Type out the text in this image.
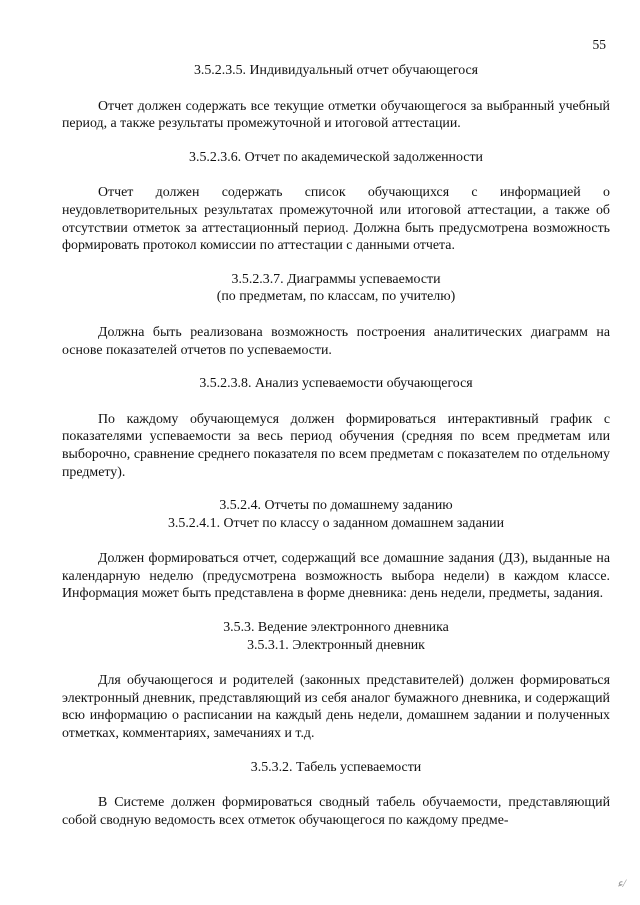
55

3.5.2.3.5. Индивидуальный отчет обучающегося

Отчет должен содержать все текущие отметки обучающегося за выбранный учебный период, а также результаты промежуточной и итоговой аттестации.

3.5.2.3.6. Отчет по академической задолженности

Отчет должен содержать список обучающихся с информацией о неудовлетворительных результатах промежуточной или итоговой аттестации, а также об отсутствии отметок за аттестационный период. Должна быть предусмотрена возможность формировать протокол комиссии по аттестации с данными отчета.

3.5.2.3.7. Диаграммы успеваемости
(по предметам, по классам, по учителю)

Должна быть реализована возможность построения аналитических диаграмм на основе показателей отчетов по успеваемости.

3.5.2.3.8. Анализ успеваемости обучающегося

По каждому обучающемуся должен формироваться интерактивный график с показателями успеваемости за весь период обучения (средняя по всем предметам или выборочно, сравнение среднего показателя по всем предметам с показателем по отдельному предмету).

3.5.2.4. Отчеты по домашнему заданию
3.5.2.4.1. Отчет по классу о заданном домашнем задании

Должен формироваться отчет, содержащий все домашние задания (ДЗ), выданные на календарную неделю (предусмотрена возможность выбора недели) в каждом классе. Информация может быть представлена в форме дневника: день недели, предметы, задания.

3.5.3. Ведение электронного дневника
3.5.3.1. Электронный дневник

Для обучающегося и родителей (законных представителей) должен формироваться электронный дневник, представляющий из себя аналог бумажного дневника, и содержащий всю информацию о расписании на каждый день недели, домашнем задании и полученных отметках, комментариях, замечаниях и т.д.

3.5.3.2. Табель успеваемости

В Системе должен формироваться сводный табель обучаемости, представляющий собой сводную ведомость всех отметок обучающегося по каждому предме-

ء/
